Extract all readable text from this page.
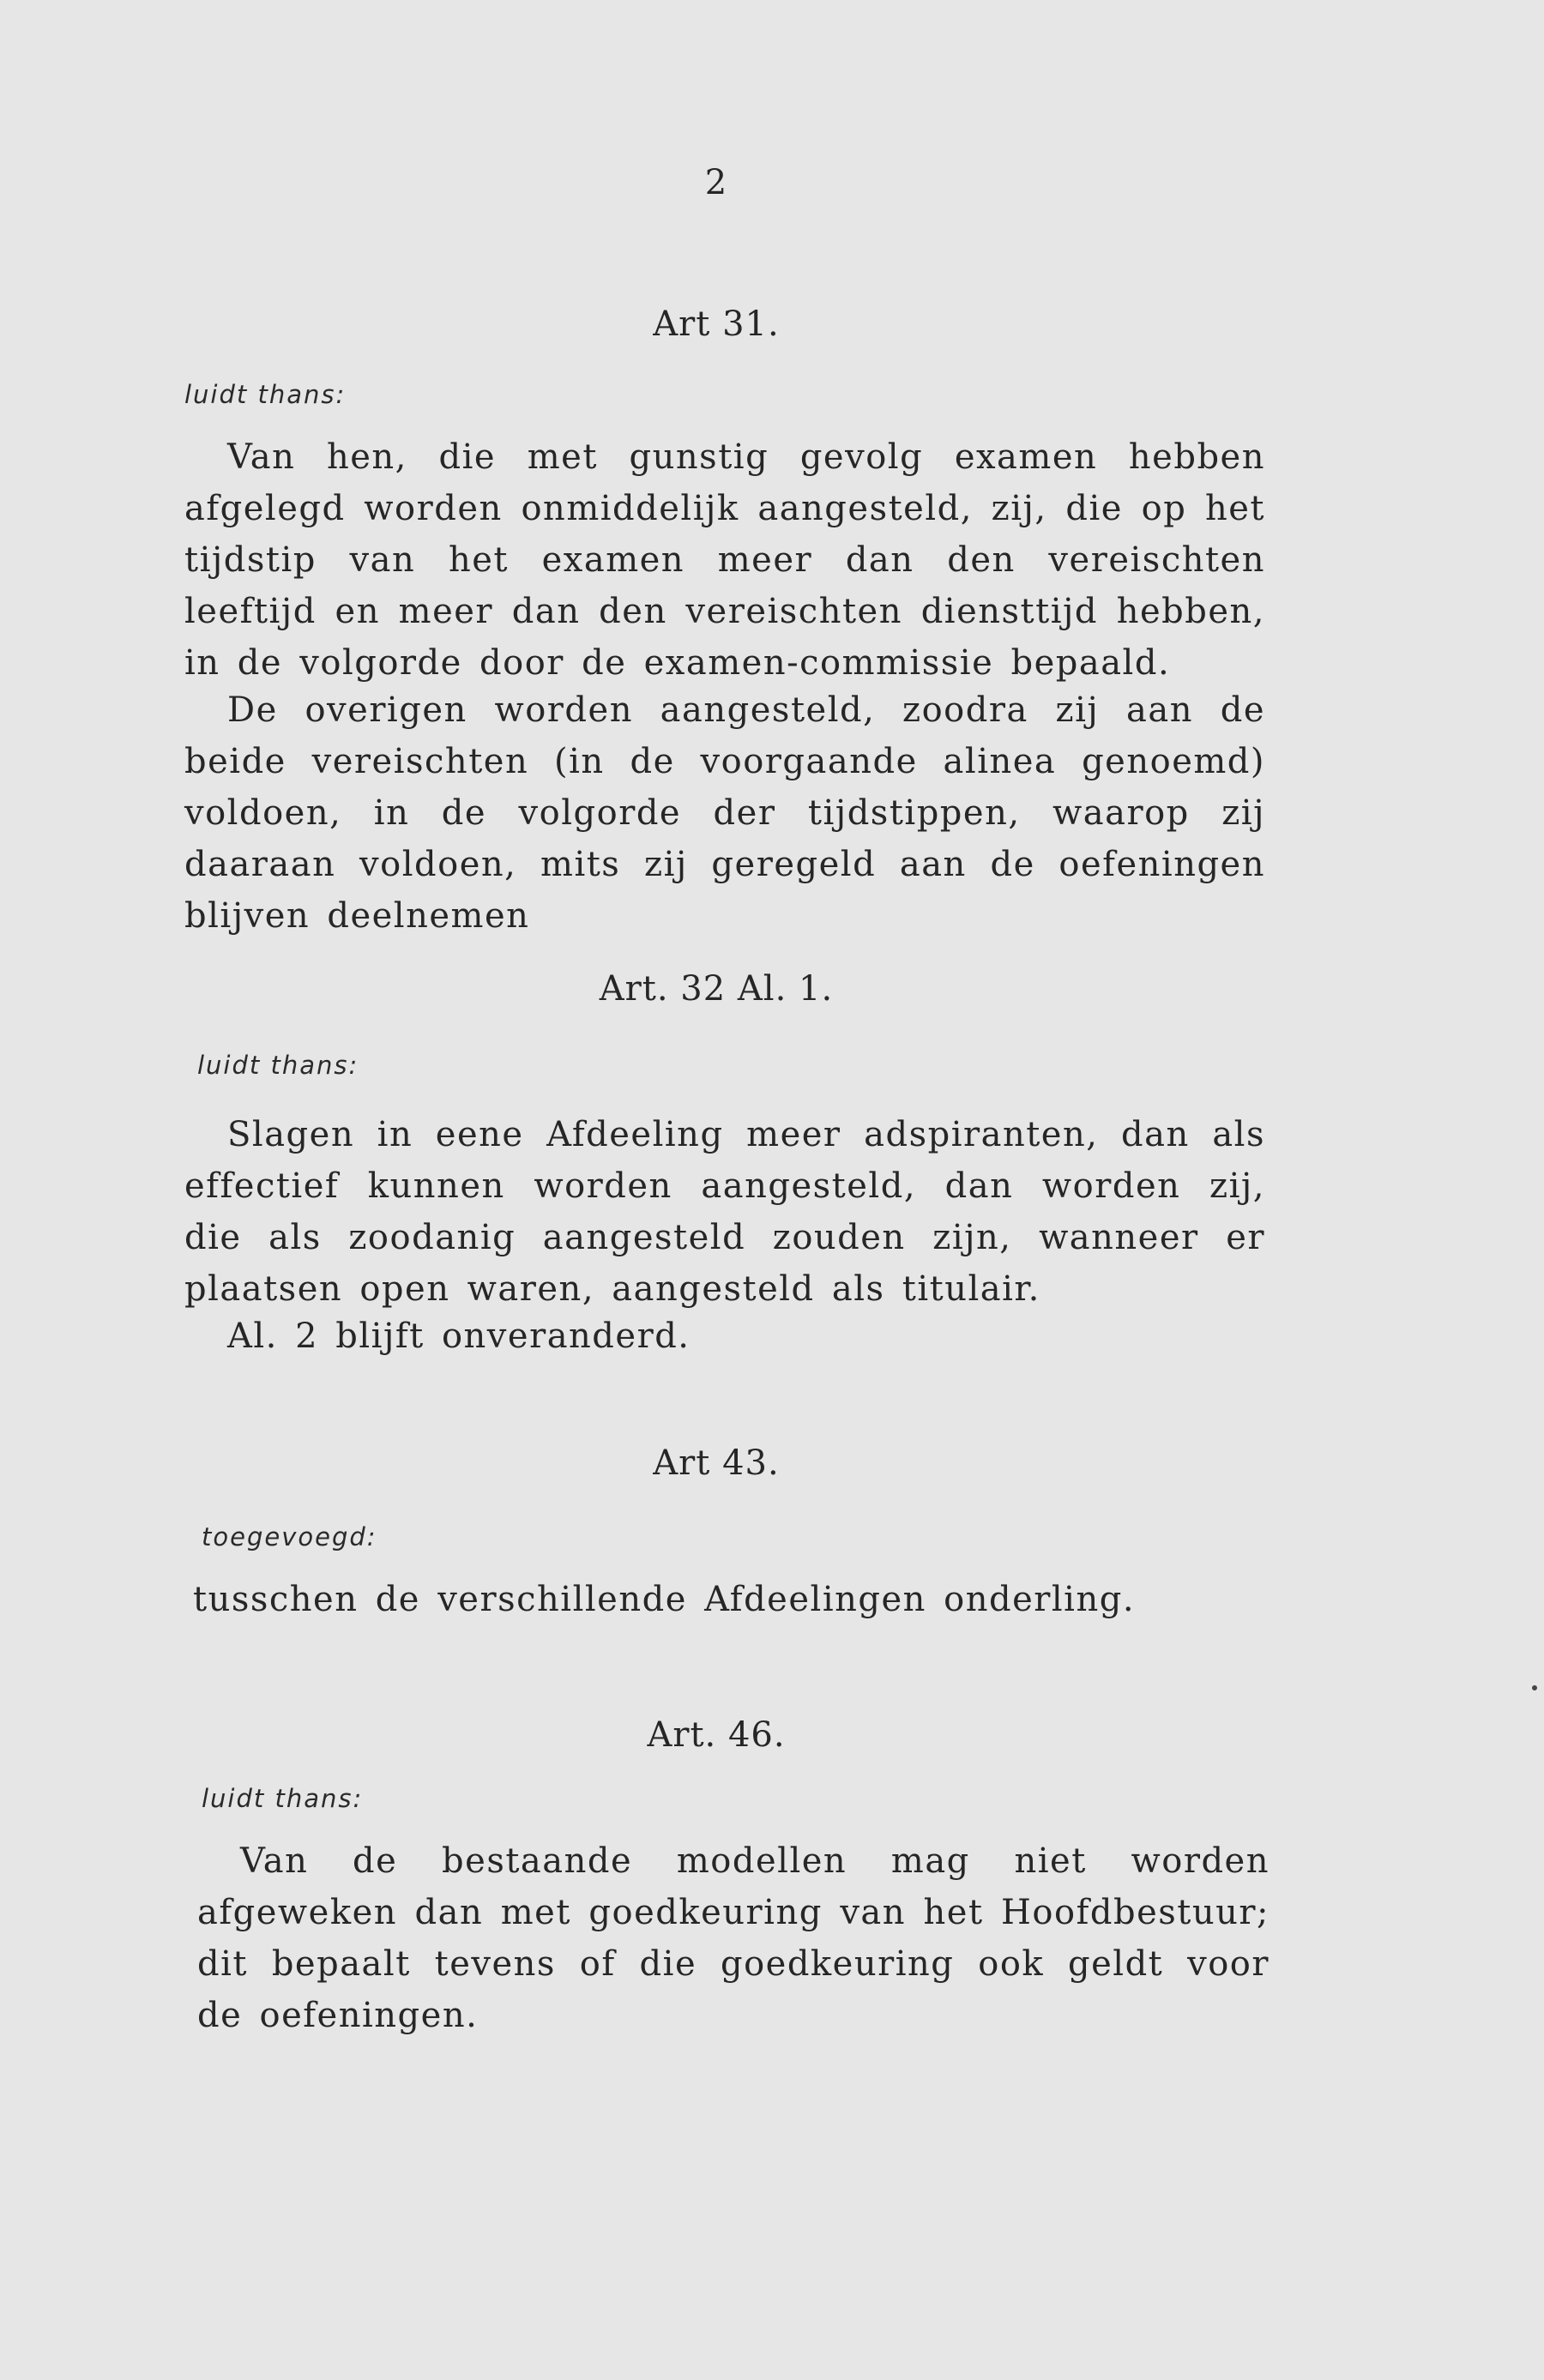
2
Art 31.
luidt thans:

Van hen, die met gunstig gevolg examen hebben afgelegd worden onmiddelijk aangesteld, zij, die op het tijdstip van het examen meer dan den vereischten leeftijd en meer dan den vereischten diensttijd hebben, in de volgorde door de examen-commissie bepaald.

De overigen worden aangesteld, zoodra zij aan de beide vereischten (in de voorgaande alinea genoemd) voldoen, in de volgorde der tijdstippen, waarop zij daaraan voldoen, mits zij geregeld aan de oefeningen blijven deelnemen

Art. 32 Al. 1.
luidt thans:

Slagen in eene Afdeeling meer adspiranten, dan als effectief kunnen worden aangesteld, dan worden zij, die als zoodanig aangesteld zouden zijn, wanneer er plaatsen open waren, aangesteld als titulair.

Al. 2 blijft onveranderd.

Art 43.
toegevoegd:

tusschen de verschillende Afdeelingen onderling.

Art. 46.
luidt thans:

Van de bestaande modellen mag niet worden afgeweken dan met goedkeuring van het Hoofdbestuur; dit bepaalt tevens of die goedkeuring ook geldt voor de oefeningen.
